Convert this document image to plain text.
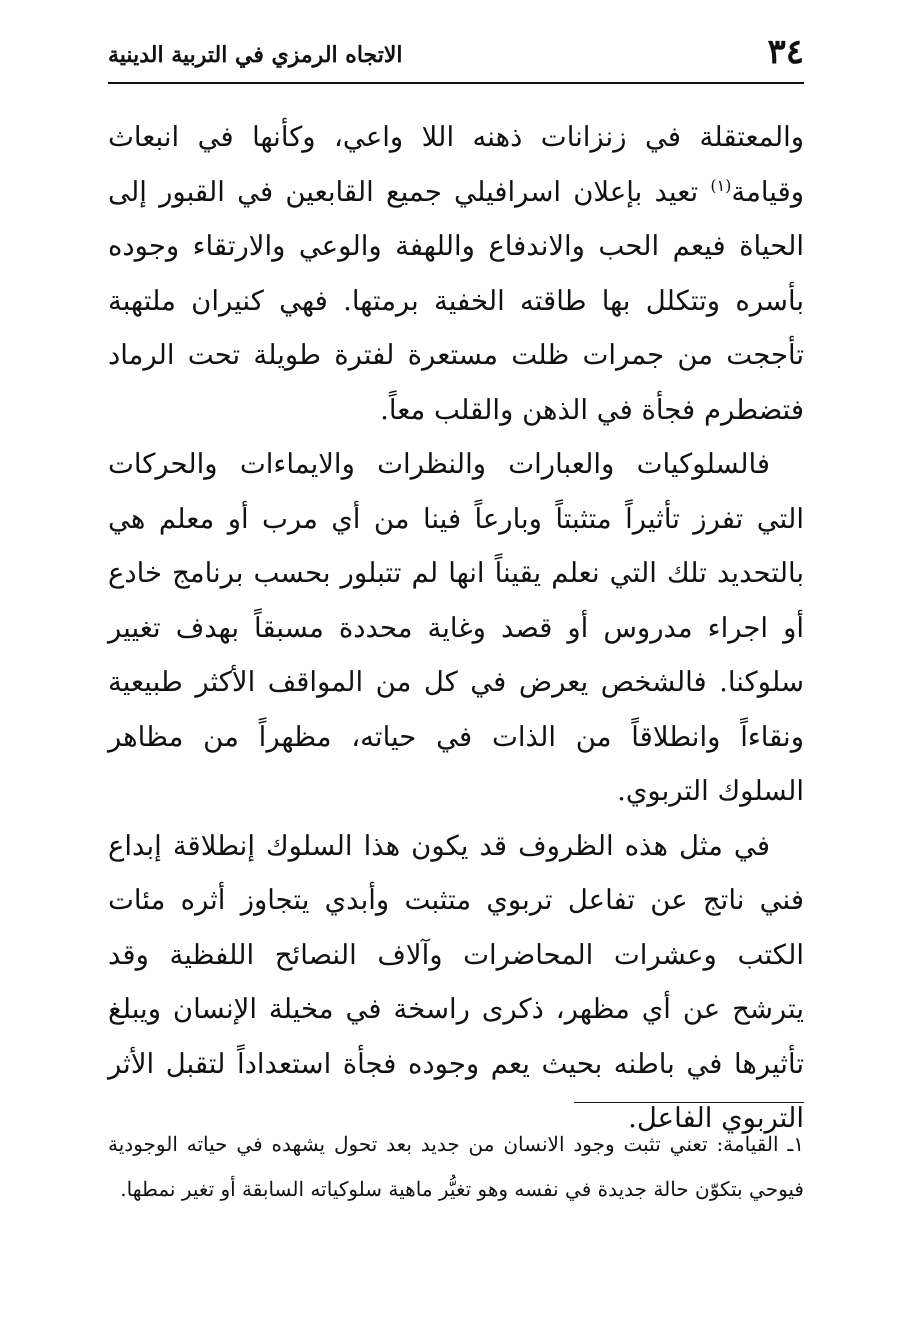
٣٤
الاتجاه الرمزي في التربية الدينية

والمعتقلة في زنزانات ذهنه اللا واعي، وكأنها في انبعاث وقيامة$^{(١)}$ تعيد بإعلان اسرافيلي جميع القابعين في القبور إلى الحياة فيعم الحب والاندفاع واللهفة والوعي والارتقاء وجوده بأسره وتتكلل بها طاقته الخفية برمتها. فهي كنيران ملتهبة تأججت من جمرات ظلت مستعرة لفترة طويلة تحت الرماد فتضطرم فجأة في الذهن والقلب معاً.

فالسلوكيات والعبارات والنظرات والايماءات والحركات التي تفرز تأثيراً متثبتاً وبارعاً فينا من أي مرب أو معلم هي بالتحديد تلك التي نعلم يقيناً انها لم تتبلور بحسب برنامج خادع أو اجراء مدروس أو قصد وغاية محددة مسبقاً بهدف تغيير سلوكنا. فالشخص يعرض في كل من المواقف الأكثر طبيعية ونقاءاً وانطلاقاً من الذات في حياته، مظهراً من مظاهر السلوك التربوي.

في مثل هذه الظروف قد يكون هذا السلوك إنطلاقة إبداع فني ناتج عن تفاعل تربوي متثبت وأبدي يتجاوز أثره مئات الكتب وعشرات المحاضرات وآلاف النصائح اللفظية وقد يترشح عن أي مظهر، ذكرى راسخة في مخيلة الإنسان ويبلغ تأثيرها في باطنه بحيث يعم وجوده فجأة استعداداً لتقبل الأثر التربوي الفاعل.

١ـ القيامة: تعني تثبت وجود الانسان من جديد بعد تحول يشهده في حياته الوجودية فيوحي بتكوّن حالة جديدة في نفسه وهو تغيُّر ماهية سلوكياته السابقة أو تغير نمطها.
